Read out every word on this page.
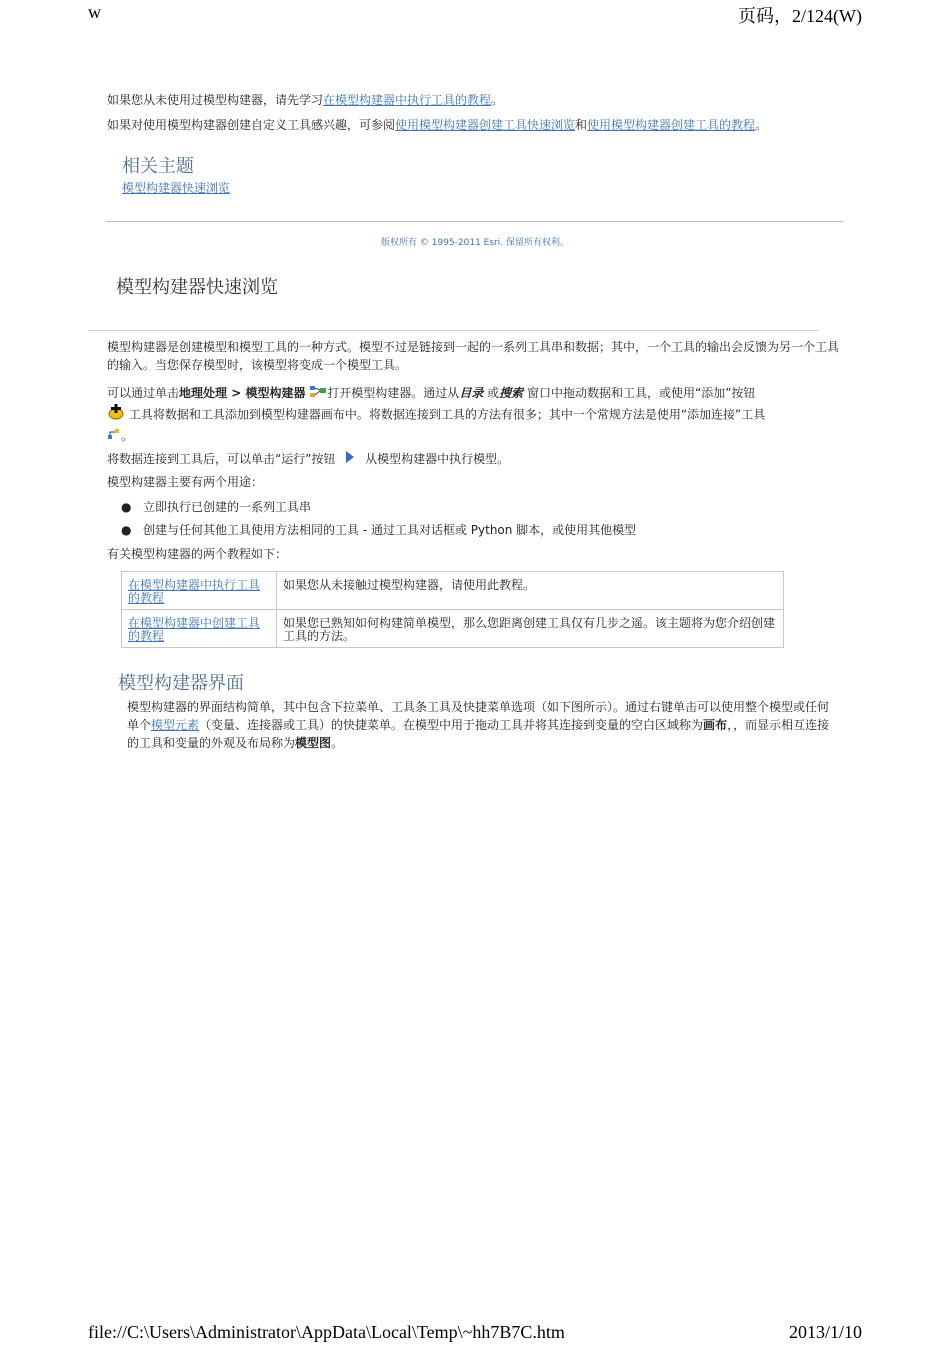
w	页码，2/124(W)
如果您从未使用过模型构建器，请先学习在模型构建器中执行工具的教程。
如果对使用模型构建器创建自定义工具感兴趣，可参阅使用模型构建器创建工具快速浏览和使用模型构建器创建工具的教程。
相关主题
模型构建器快速浏览
版权所有 © 1995-2011 Esri. 保留所有权利。
模型构建器快速浏览
模型构建器是创建模型和模型工具的一种方式。模型不过是链接到一起的一系列工具串和数据；其中，一个工具的输出会反馈为另一个工具的输入。当您保存模型时，该模型将变成一个模型工具。
可以通过单击地理处理 > 模型构建器 打开模型构建器。通过从目录 或搜索 窗口中拖动数据和工具，或使用“添加”按钮
工具将数据和工具添加到模型构建器画布中。将数据连接到工具的方法有很多；其中一个常规方法是使用“添加连接”工具
。
将数据连接到工具后，可以单击“运行”按钮  从模型构建器中执行模型。
模型构建器主要有两个用途：
● 立即执行已创建的一系列工具串
● 创建与任何其他工具使用方法相同的工具 - 通过工具对话框或 Python 脚本，或使用其他模型
有关模型构建器的两个教程如下：
在模型构建器中执行工具的教程	如果您从未接触过模型构建器，请使用此教程。
在模型构建器中创建工具的教程	如果您已熟知如何构建简单模型，那么您距离创建工具仅有几步之遥。该主题将为您介绍创建工具的方法。
模型构建器界面
模型构建器的界面结构简单，其中包含下拉菜单、工具条工具及快捷菜单选项（如下图所示）。通过右键单击可以使用整个模型或任何单个模型元素（变量、连接器或工具）的快捷菜单。在模型中用于拖动工具并将其连接到变量的空白区域称为画布，，而显示相互连接的工具和变量的外观及布局称为模型图。
file://C:\Users\Administrator\AppData\Local\Temp\~hh7B7C.htm	2013/1/10
